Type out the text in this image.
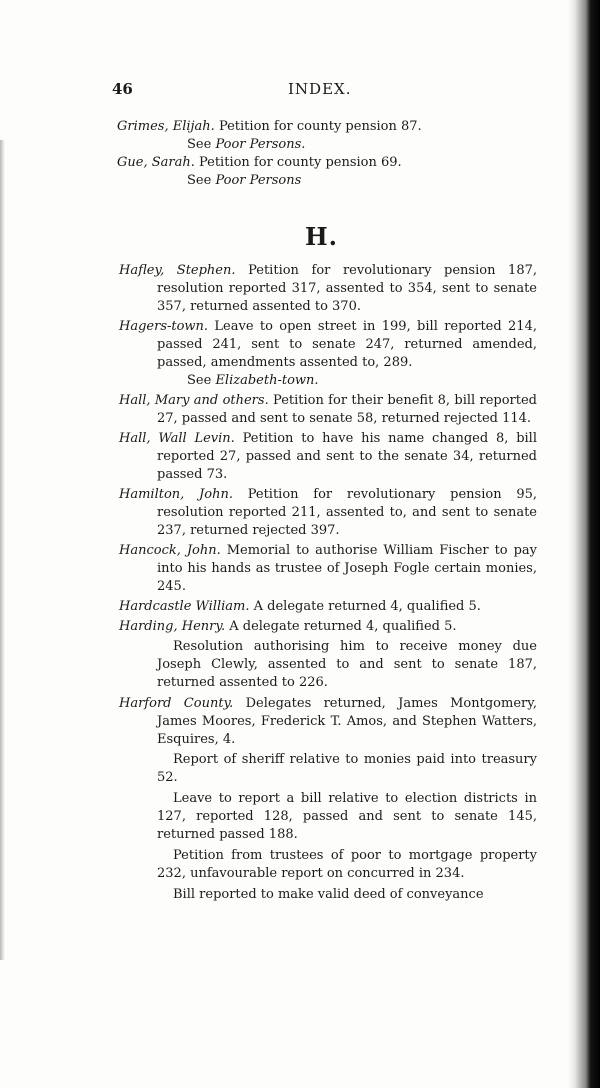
46	INDEX.

Grimes, Elijah. Petition for county pension 87.

See Poor Persons.

Gue, Sarah. Petition for county pension 69.

See Poor Persons

H.

Hafley, Stephen. Petition for revolutionary pension 187, resolution reported 317, assented to 354, sent to senate 357, returned assented to 370.

Hagers-town. Leave to open street in 199, bill reported 214, passed 241, sent to senate 247, returned amended, passed, amendments assented to, 289.

See Elizabeth-town.

Hall, Mary and others. Petition for their benefit 8, bill reported 27, passed and sent to senate 58, returned rejected 114.

Hall, Wall Levin. Petition to have his name changed 8, bill reported 27, passed and sent to the senate 34, returned passed 73.

Hamilton, John. Petition for revolutionary pension 95, resolution reported 211, assented to, and sent to senate 237, returned rejected 397.

Hancock, John. Memorial to authorise William Fischer to pay into his hands as trustee of Joseph Fogle certain monies, 245.

Hardcastle William. A delegate returned 4, qualified 5.

Harding, Henry. A delegate returned 4, qualified 5.

Resolution authorising him to receive money due Joseph Clewly, assented to and sent to senate 187, returned assented to 226.

Harford County. Delegates returned, James Montgomery, James Moores, Frederick T. Amos, and Stephen Watters, Esquires, 4.

Report of sheriff relative to monies paid into treasury 52.

Leave to report a bill relative to election districts in 127, reported 128, passed and sent to senate 145, returned passed 188.

Petition from trustees of poor to mortgage property 232, unfavourable report on concurred in 234.

Bill reported to make valid deed of conveyance
